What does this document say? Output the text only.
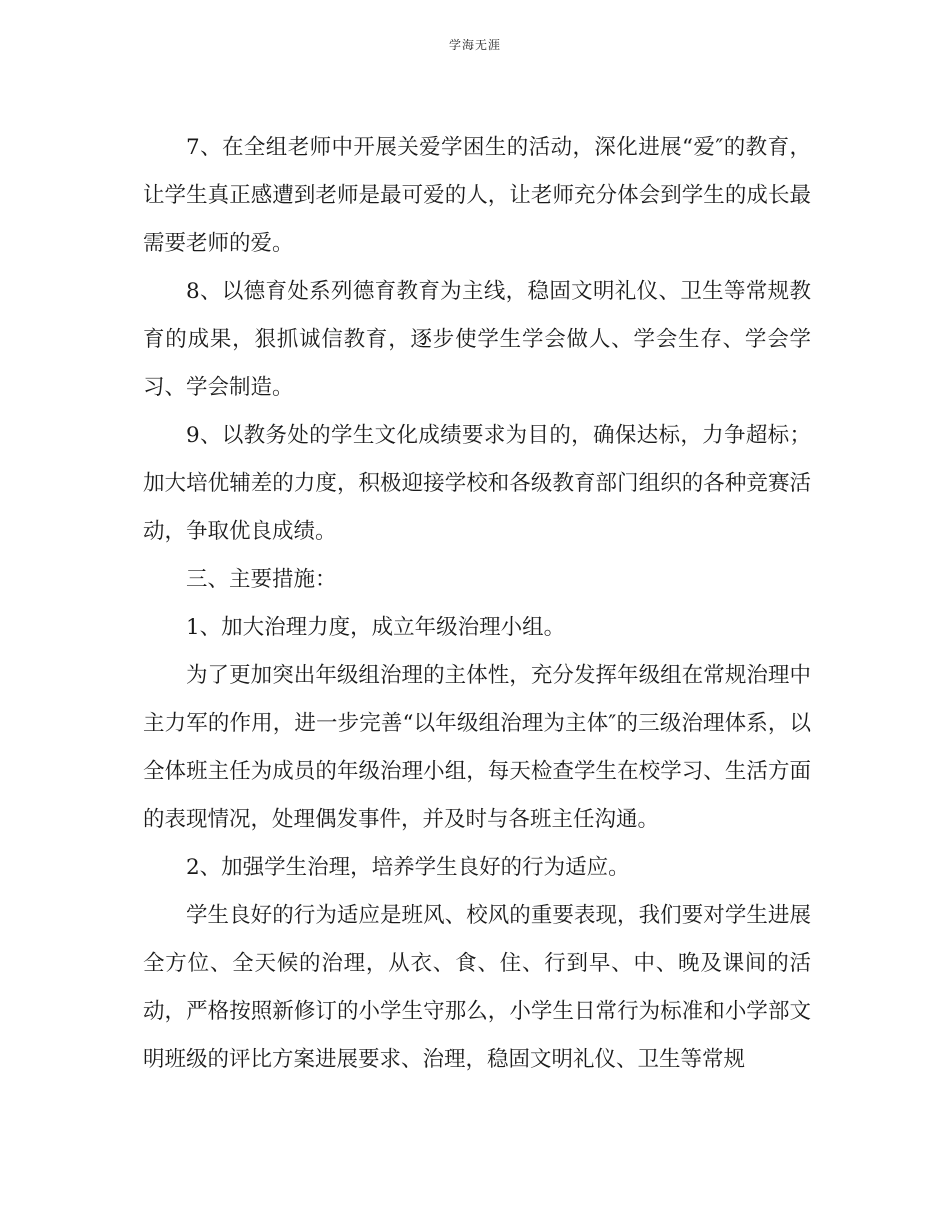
学海无涯

7、在全组老师中开展关爱学困生的活动，深化进展“爱″的教育，让学生真正感遭到老师是最可爱的人，让老师充分体会到学生的成长最需要老师的爱。

8、以德育处系列德育教育为主线，稳固文明礼仪、卫生等常规教育的成果，狠抓诚信教育，逐步使学生学会做人、学会生存、学会学习、学会制造。

9、以教务处的学生文化成绩要求为目的，确保达标，力争超标；加大培优辅差的力度，积极迎接学校和各级教育部门组织的各种竞赛活动，争取优良成绩。

三、主要措施：

1、加大治理力度，成立年级治理小组。

为了更加突出年级组治理的主体性，充分发挥年级组在常规治理中主力军的作用，进一步完善“以年级组治理为主体″的三级治理体系，以全体班主任为成员的年级治理小组，每天检查学生在校学习、生活方面的表现情况，处理偶发事件，并及时与各班主任沟通。

2、加强学生治理，培养学生良好的行为适应。

学生良好的行为适应是班风、校风的重要表现，我们要对学生进展全方位、全天候的治理，从衣、食、住、行到早、中、晚及课间的活动，严格按照新修订的小学生守那么，小学生日常行为标准和小学部文明班级的评比方案进展要求、治理，稳固文明礼仪、卫生等常规
